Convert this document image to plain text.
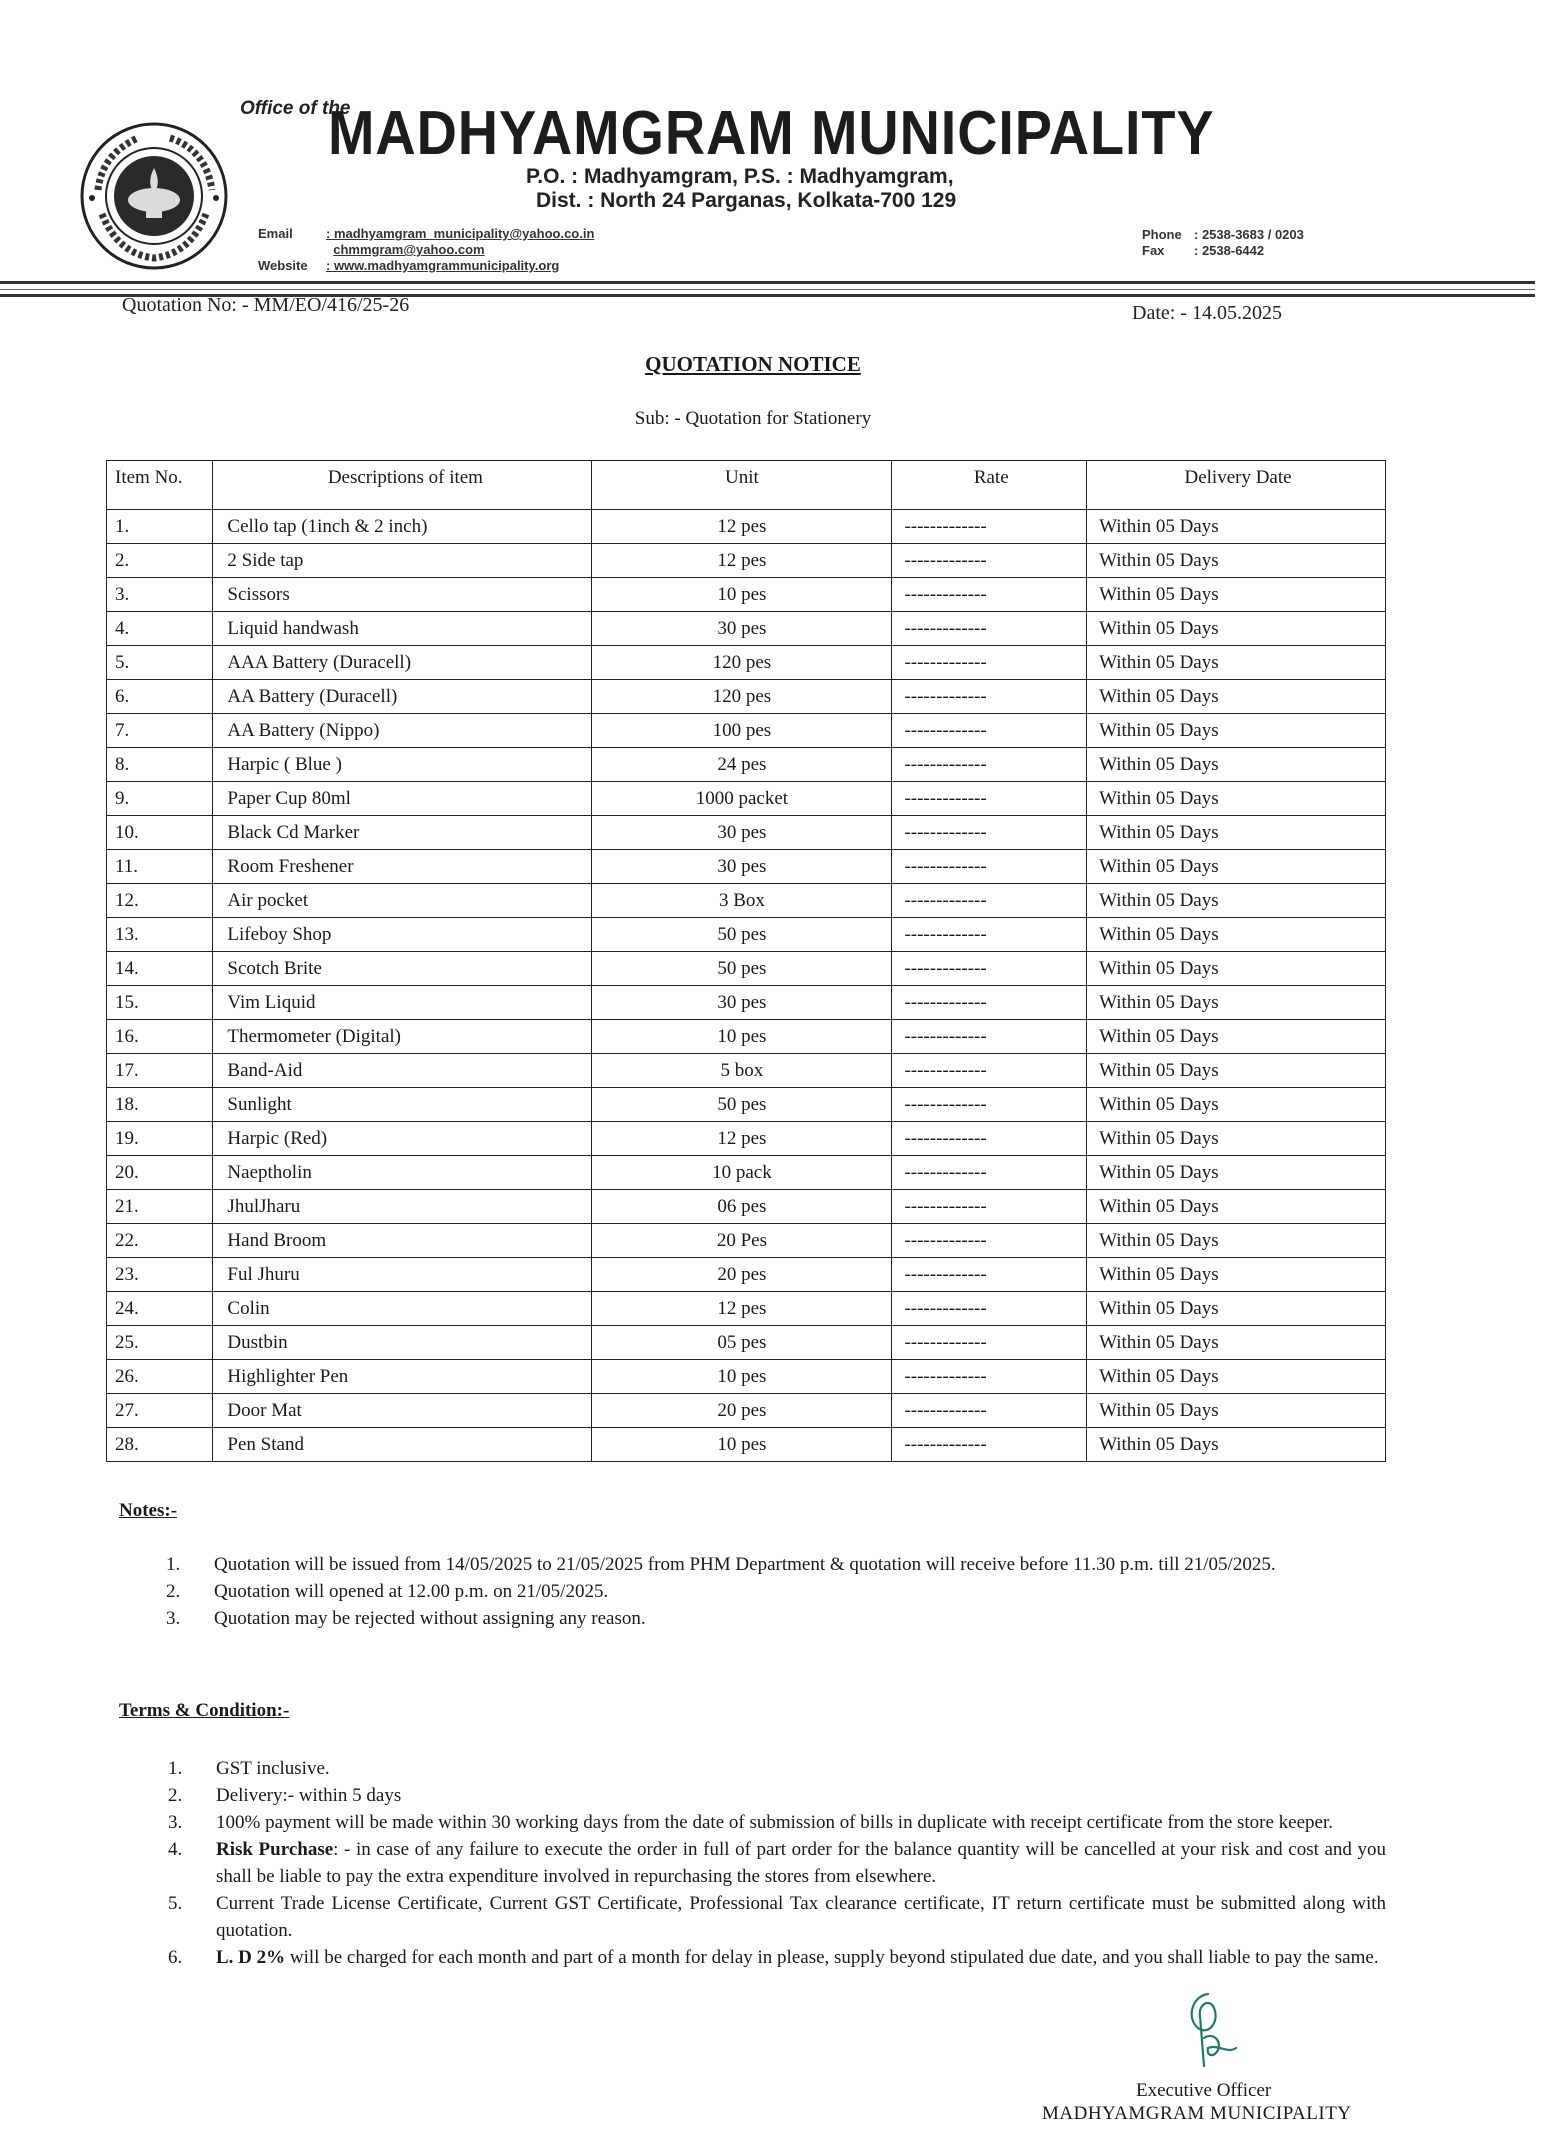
Office of the
MADHYAMGRAM MUNICIPALITY
P.O. : Madhyamgram, P.S. : Madhyamgram,
Dist. : North 24 Parganas, Kolkata-700 129
Email	: madhyamgram_municipality@yahoo.co.in
chmmgram@yahoo.com
Website : www.madhyamgrammunicipality.org
Phone : 2538-3683 / 0203
Fax : 2538-6442
Quotation No: - MM/EO/416/25-26	Date: - 14.05.2025
QUOTATION NOTICE
Sub: - Quotation for Stationery
Item No.	Descriptions of item	Unit	Rate	Delivery Date
1.	Cello tap (1inch & 2 inch)	12 pes	-------------	Within 05 Days
2.	2 Side tap	12 pes	-------------	Within 05 Days
3.	Scissors	10 pes	-------------	Within 05 Days
4.	Liquid handwash	30 pes	-------------	Within 05 Days
5.	AAA Battery (Duracell)	120 pes	-------------	Within 05 Days
6.	AA Battery (Duracell)	120 pes	-------------	Within 05 Days
7.	AA Battery (Nippo)	100 pes	-------------	Within 05 Days
8.	Harpic ( Blue )	24 pes	-------------	Within 05 Days
9.	Paper Cup 80ml	1000 packet	-------------	Within 05 Days
10.	Black Cd Marker	30 pes	-------------	Within 05 Days
11.	Room Freshener	30 pes	-------------	Within 05 Days
12.	Air pocket	3 Box	-------------	Within 05 Days
13.	Lifeboy Shop	50 pes	-------------	Within 05 Days
14.	Scotch Brite	50 pes	-------------	Within 05 Days
15.	Vim Liquid	30 pes	-------------	Within 05 Days
16.	Thermometer (Digital)	10 pes	-------------	Within 05 Days
17.	Band-Aid	5 box	-------------	Within 05 Days
18.	Sunlight	50 pes	-------------	Within 05 Days
19.	Harpic (Red)	12 pes	-------------	Within 05 Days
20.	Naeptholin	10 pack	-------------	Within 05 Days
21.	JhulJharu	06 pes	-------------	Within 05 Days
22.	Hand Broom	20 Pes	-------------	Within 05 Days
23.	Ful Jhuru	20 pes	-------------	Within 05 Days
24.	Colin	12 pes	-------------	Within 05 Days
25.	Dustbin	05 pes	-------------	Within 05 Days
26.	Highlighter Pen	10 pes	-------------	Within 05 Days
27.	Door Mat	20 pes	-------------	Within 05 Days
28.	Pen Stand	10 pes	-------------	Within 05 Days
Notes:-
1. Quotation will be issued from 14/05/2025 to 21/05/2025 from PHM Department & quotation will receive before 11.30 p.m. till 21/05/2025.
2. Quotation will opened at 12.00 p.m. on 21/05/2025.
3. Quotation may be rejected without assigning any reason.
Terms & Condition:-
1. GST inclusive.
2. Delivery:- within 5 days
3. 100% payment will be made within 30 working days from the date of submission of bills in duplicate with receipt certificate from the store keeper.
4. Risk Purchase: - in case of any failure to execute the order in full of part order for the balance quantity will be cancelled at your risk and cost and you shall be liable to pay the extra expenditure involved in repurchasing the stores from elsewhere.
5. Current Trade License Certificate, Current GST Certificate, Professional Tax clearance certificate, IT return certificate must be submitted along with quotation.
6. L. D 2% will be charged for each month and part of a month for delay in please, supply beyond stipulated due date, and you shall liable to pay the same.
Executive Officer
MADHYAMGRAM MUNICIPALITY
